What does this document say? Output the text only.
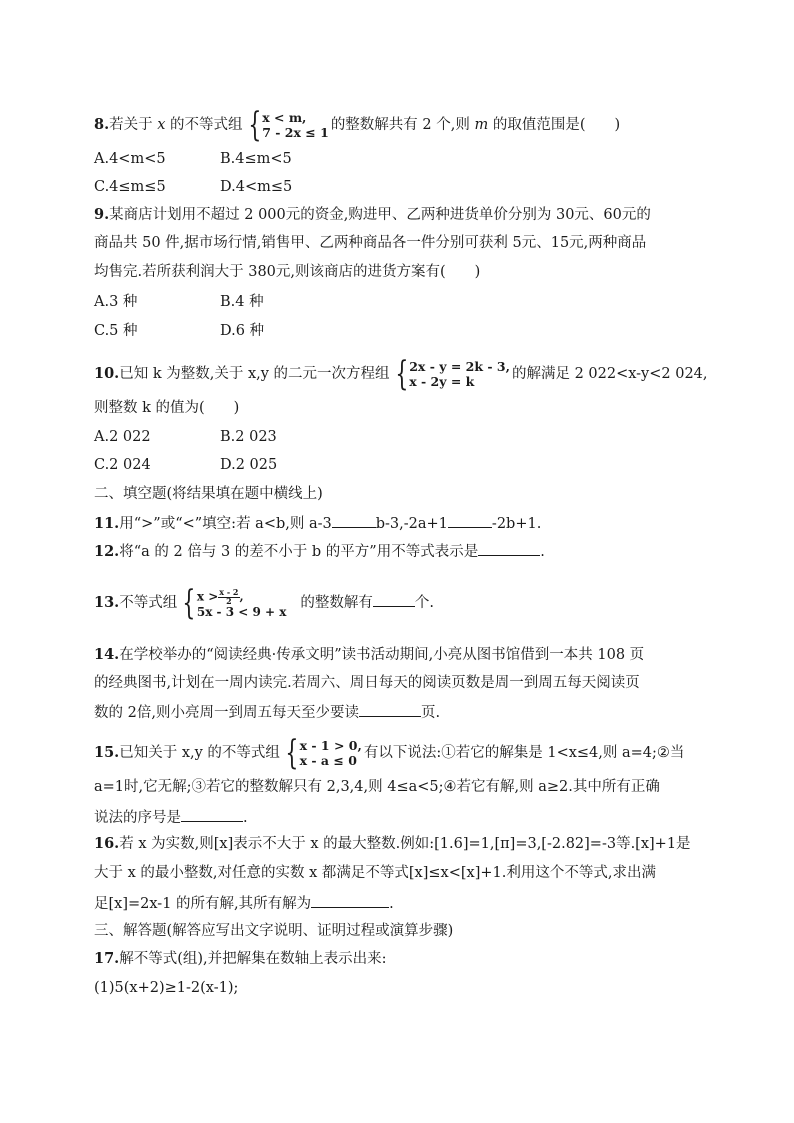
8.若关于 x 的不等式组 {x < m,
7 - 2x ≤ 1 的整数解共有 2 个,则 m 的取值范围是(　　)
A.4<m<5	B.4≤m<5
C.4≤m≤5	D.4<m≤5
9.某商店计划用不超过 2 000元的资金,购进甲、乙两种进货单价分别为 30元、60元的
商品共 50 件,据市场行情,销售甲、乙两种商品各一件分别可获利 5元、15元,两种商品
均售完.若所获利润大于 380元,则该商店的进货方案有(　　)
A.3 种	B.4 种
C.5 种	D.6 种
10.已知 k 为整数,关于 x,y 的二元一次方程组 {2x - y = 2k - 3,
x - 2y = k	的解满足 2 022<x-y<2 024,
则整数 k 的值为(　　)
A.2 022	B.2 023
C.2 024	D.2 025
二、填空题(将结果填在题中横线上)
11.用“>”或“<”填空:若 a<b,则 a-3	b-3,-2a+1	-2b+1.
12.将“a 的 2 倍与 3 的差不小于 b 的平方”用不等式表示是	.
13.不等式组 {$x >\frac{x - 2}{2}$,
5x - 3 < 9 + x的整数解有	个.
14.在学校举办的“阅读经典·传承文明”读书活动期间,小亮从图书馆借到一本共 108 页
的经典图书,计划在一周内读完.若周六、周日每天的阅读页数是周一到周五每天阅读页
数的 2倍,则小亮周一到周五每天至少要读	页.
15.已知关于 x,y 的不等式组 {x - 1 > 0,
x - a ≤ 0 有以下说法:①若它的解集是 1<x≤4,则 a=4;②当
a=1时,它无解;③若它的整数解只有 2,3,4,则 4≤a<5;④若它有解,则 a≥2.其中所有正确
说法的序号是	.
16.若 x 为实数,则[x]表示不大于 x 的最大整数.例如:[1.6]=1,[π]=3,[-2.82]=-3等.[x]+1是
大于 x 的最小整数,对任意的实数 x 都满足不等式[x]≤x<[x]+1.利用这个不等式,求出满
足[x]=2x-1 的所有解,其所有解为	.
三、解答题(解答应写出文字说明、证明过程或演算步骤)
17.解不等式(组),并把解集在数轴上表示出来:
(1)5(x+2)≥1-2(x-1);
